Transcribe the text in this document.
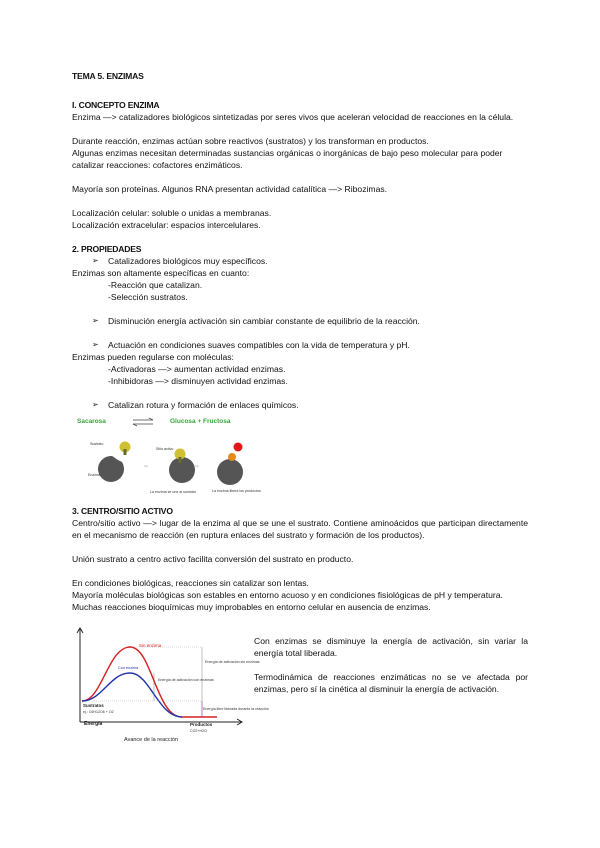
TEMA 5. ENZIMAS
I. CONCEPTO ENZIMA
Enzima —> catalizadores biológicos sintetizadas por seres vivos que aceleran velocidad de reacciones en la célula.
Durante reacción, enzimas actúan sobre reactivos (sustratos) y los transforman en productos.
Algunas enzimas necesitan determinadas sustancias orgánicas o inorgánicas de bajo peso molecular para poder
catalizar reacciones: cofactores enzimáticos.
Mayoría son proteínas. Algunos RNA presentan actividad catalítica —> Ribozimas.
Localización celular: soluble o unidas a membranas.
Localización extracelular: espacios intercelulares.
2. PROPIEDADES
➢ Catalizadores biológicos muy específicos.
Enzimas son altamente específicas en cuanto:
-Reacción que catalizan.
-Selección sustratos.
➢ Disminución energía activación sin cambiar constante de equilibrio de la reacción.
➢ Actuación en condiciones suaves compatibles con la vida de temperatura y pH.
Enzimas pueden regularse con moléculas:
-Activadoras —> aumentan actividad enzimas.
-Inhibidoras —> disminuyen actividad enzimas.
➢ Catalizan rotura y formación de enlaces químicos.
Sacarosa ⇌ Glucosa + Fructosa
Sustrato
Enzima
⇨
Sitio activo
⇨
La enzima se une al sustrato	La enzima libera los productos
3. CENTRO/SITIO ACTIVO
Centro/sitio activo —> lugar de la enzima al que se une el sustrato. Contiene aminoácidos que participan directamente en el mecanismo de reacción (en ruptura enlaces del sustrato y formación de los productos).
Unión sustrato a centro activo facilita conversión del sustrato en producto.
En condiciones biológicas, reacciones sin catalizar son lentas.
Mayoría moléculas biológicas son estables en entorno acuoso y en condiciones fisiológicas de pH y temperatura.
Muchas reacciones bioquímicas muy improbables en entorno celular en ausencia de enzimas.
Sin enzima
Con enzima
Energía de activación con enzimas
Energía de activación sin enzimas
Energía libre liberada durante la reacción
Sustratos
ej.: C6H12O6 + O2
Productos
CO2+H2O
Energía
Avance de la reacción
Con enzimas se disminuye la energía de activación, sin variar la energía total liberada.
Termodinámica de reacciones enzimáticas no se ve afectada por enzimas, pero sí la cinética al disminuir la energía de activación.
